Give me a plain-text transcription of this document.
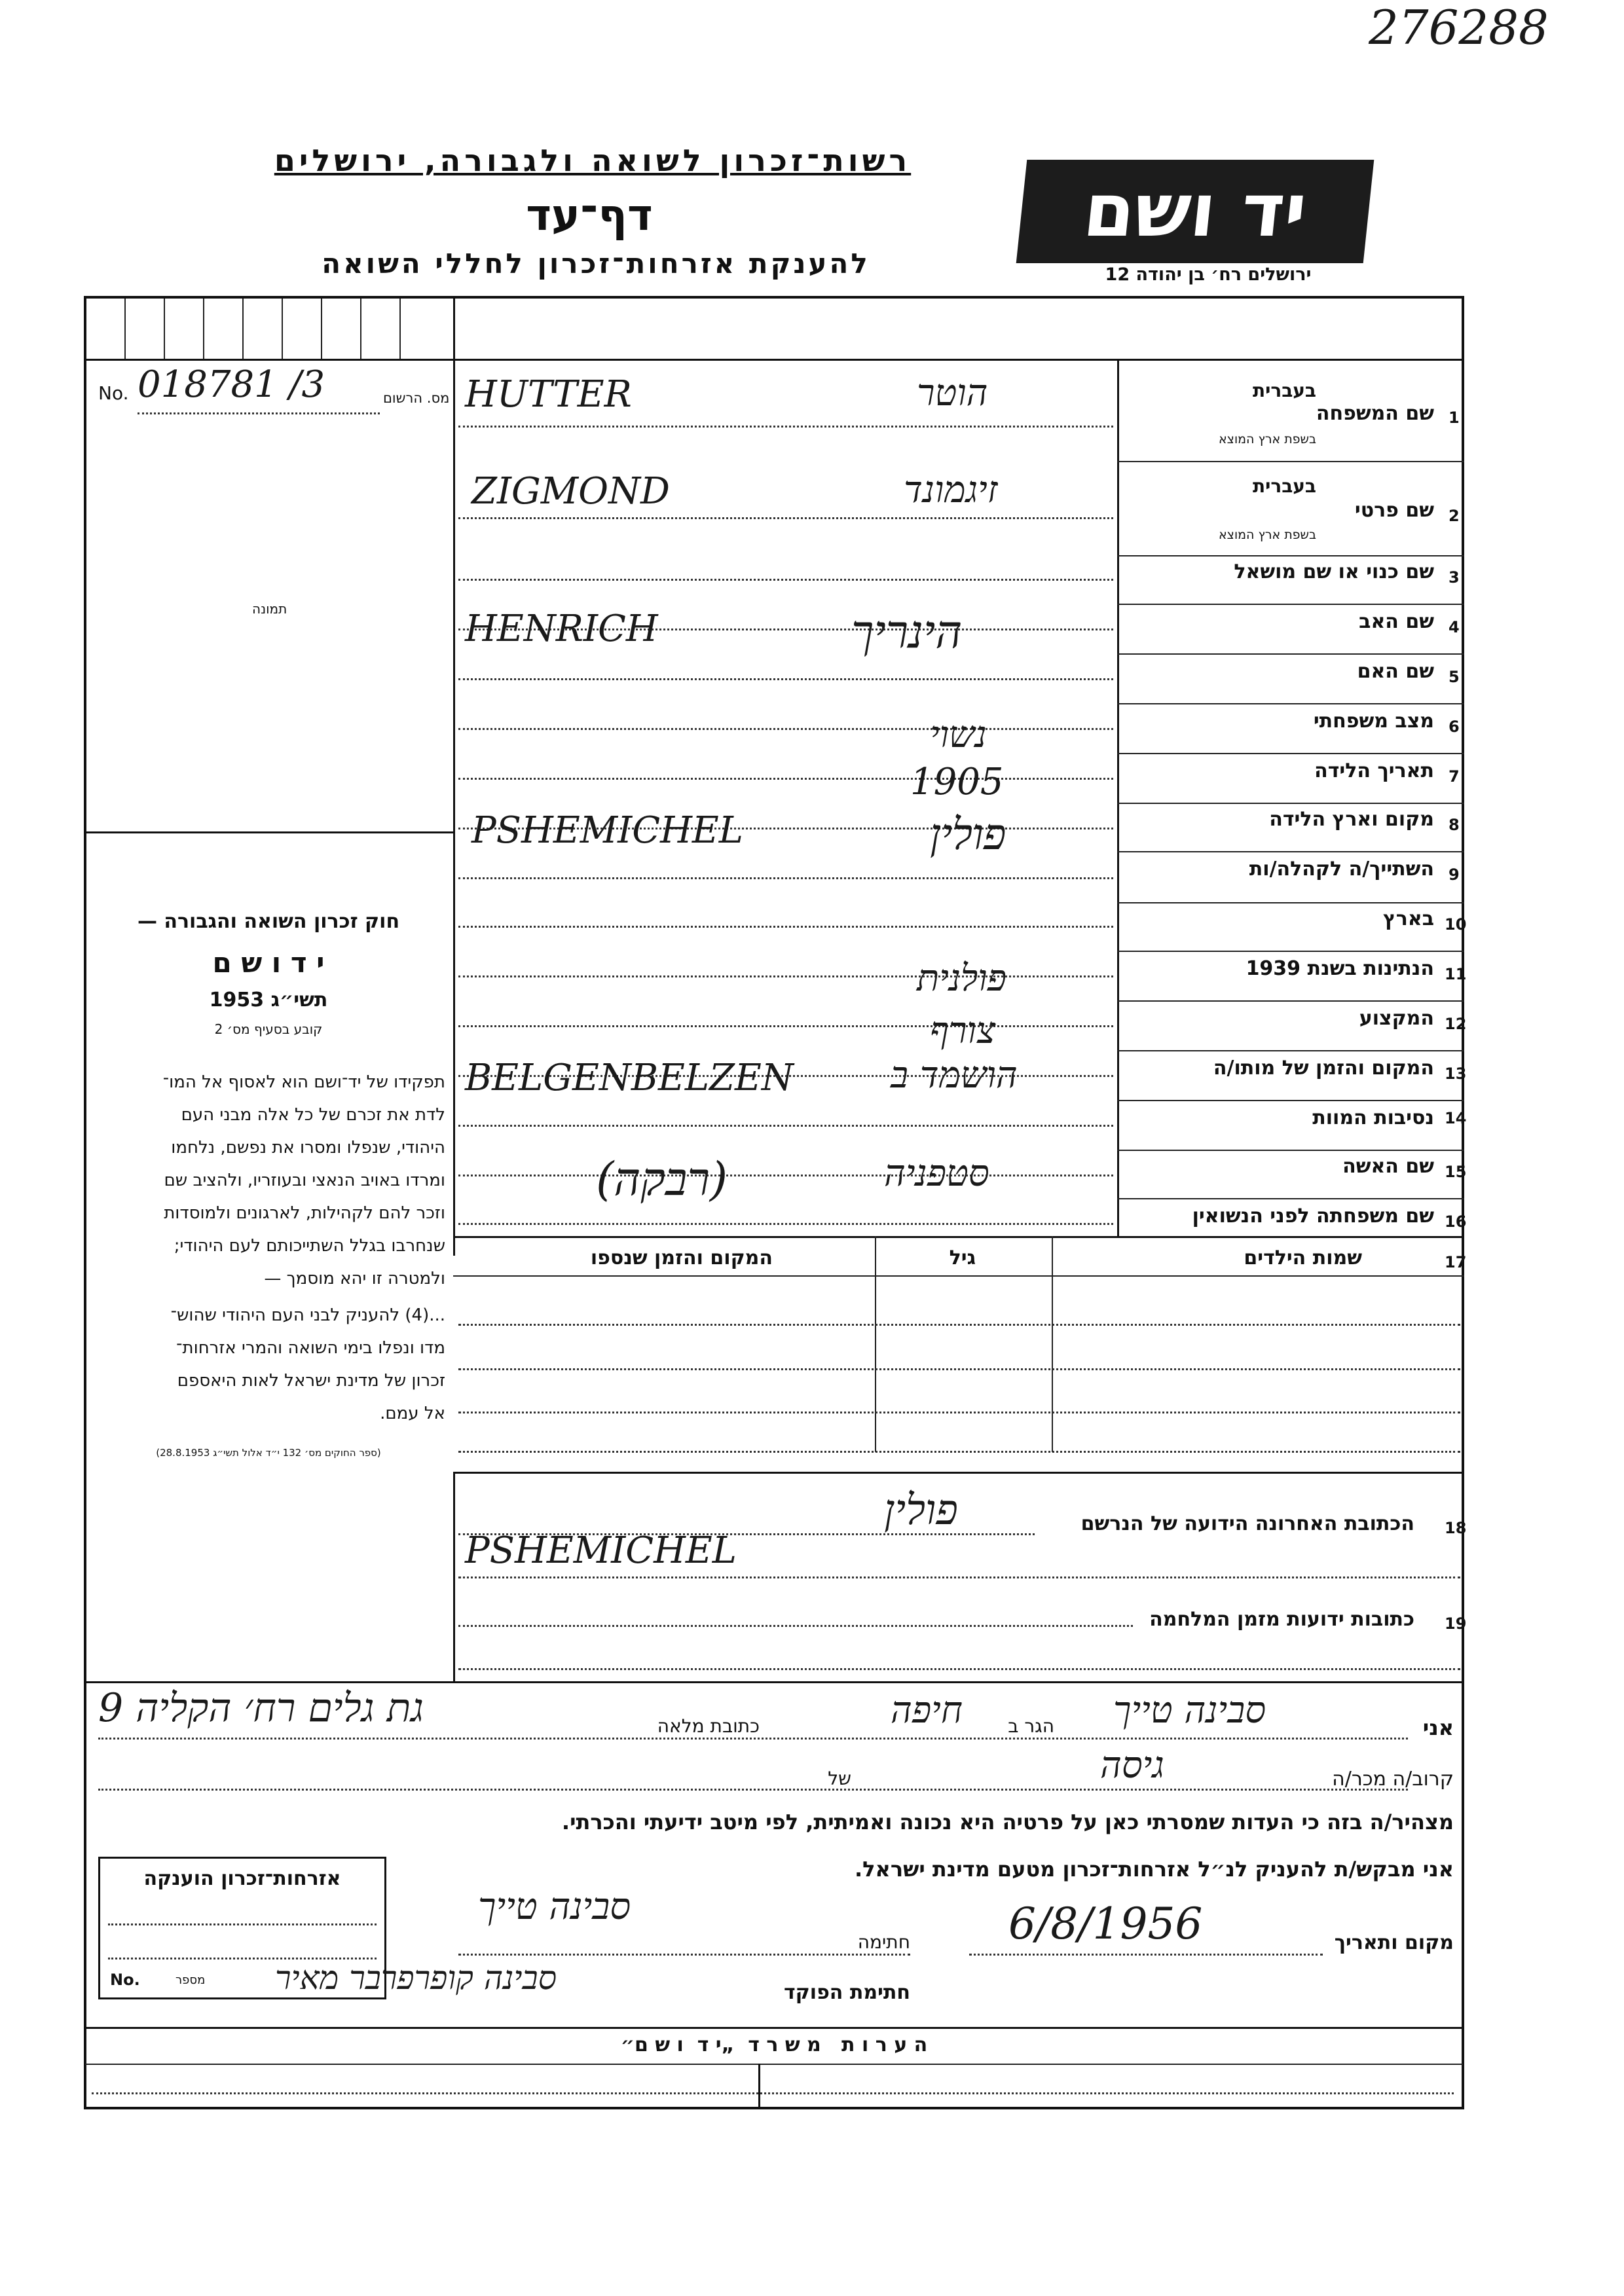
276288
רשות־זכרון לשואה ולגבורה, ירושלים
דף־עד
להענקת אזרחות־זכרון לחללי השואה
יד ושם
ירושלים רח׳ בן יהודה 12
No. 018781 /3	מס. הרשום
תמונה
חוק זכרון השואה והגבורה —
י ד ו ש ם
תשי״ג 1953
קובע בסעיף מס׳ 2
תפקידו של יד־ושם הוא לאסוף אל המו־
לדת את זכרם של כל אלה מבני העם
היהודי, שנפלו ומסרו את נפשם, נלחמו
ומרדו באויב הנאצי ובעוזריו, ולהציב שם
וזכר להם לקהילות, לארגונים ולמוסדות
שנחרבו בגלל השתייכותם לעם היהודי;
ולמטרה זו יהא מוסמך —
...(4) להעניק לבני העם היהודי שהוש־
מדו ונפלו בימי השואה והמרי אזרחות־
זכרון של מדינת ישראל לאות היאספם
אל עמם.
(ספר החוקים מס׳ 132 י״ד אלול תשי״ג 28.8.1953)
1
שם המשפחה
בעברית
בשפת ארץ המוצא
HUTTER	הוטר
2
שם פרטי
בעברית
בשפת ארץ המוצא
ZIGMOND	זיגמונד
3
שם כנוי או שם מושאל
4
שם האב
HENRICH	הינריך
5
שם האם
6
מצב משפחתי
נשוי
7
תאריך הלידה
1905
8
מקום וארץ הלידה
PSHEMICHEL	פולין
9
השתייך/ה לקהלה/ות
10
בארץ
11
הנתינות בשנת 1939
פולנית
12
המקצוע
צורף
13
המקום והזמן של מותו/ה
BELGENBELZEN	הושמד ב
14
נסיבות המוות
15
שם האשה
(רבקה)	סטפניה
16
שם משפחתה לפני הנשואין
17
שמות הילדים
גיל
המקום והזמן שנספו
18
הכתובת האחרונה הידועה של הנרשם
פולין
PSHEMICHEL
19
כתובות ידועות מזמן המלחמה
אני
סבינה טייך
הגר ב
חיפה
כתובת מלאה
גת גלים רח׳ הקליה 9
קרוב/ה מכר/ה
גיסה
של
מצהיר/ה בזה כי העדות שמסרתי כאן על פרטיה היא נכונה ואמיתית, לפי מיטב ידיעתי והכרתי.
אני מבקש/ת להעניק לנ״ל אזרחות־זכרון מטעם מדינת ישראל.
אזרחות־זכרון הוענקה
No.	מספר
מקום ותאריך
6/8/1956
חתימה
סבינה טייך
חתימת הפוקד
סבינה קופרפרבר מאיר
ה ע ר ו ת   מ ש ר ד  „י ד  ו ש ם״
